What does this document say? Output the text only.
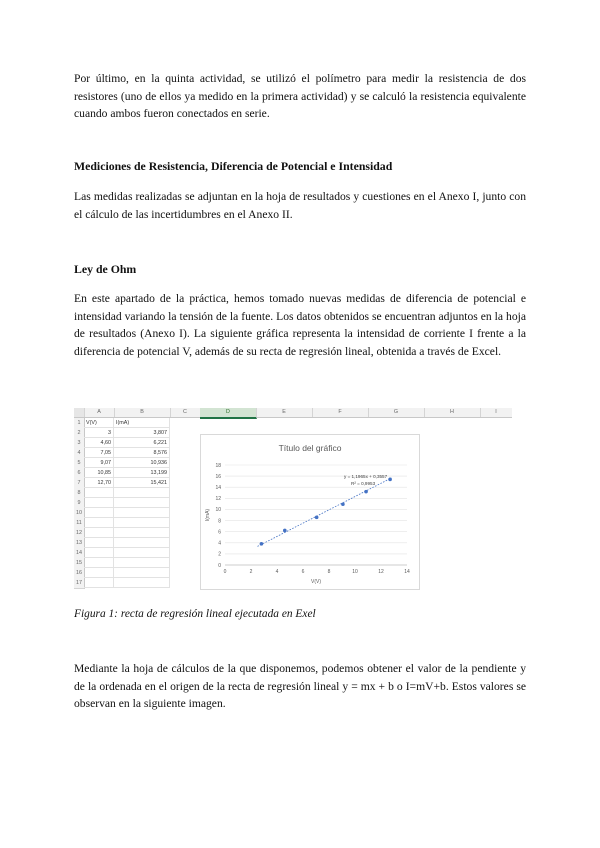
Por último, en la quinta actividad, se utilizó el polímetro para medir la resistencia de dos resistores (uno de ellos ya medido en la primera actividad) y se calculó la resistencia equivalente cuando ambos fueron conectados en serie.

Mediciones de Resistencia, Diferencia de Potencial e Intensidad

Las medidas realizadas se adjuntan en la hoja de resultados y cuestiones en el Anexo I, junto con el cálculo de las incertidumbres en el Anexo II.

Ley de Ohm

En este apartado de la práctica, hemos tomado nuevas medidas de diferencia de potencial e intensidad variando la tensión de la fuente. Los datos obtenidos se encuentran adjuntos en la hoja de resultados (Anexo I). La siguiente gráfica representa la intensidad de corriente I frente a la diferencia de potencial V, además de su recta de regresión lineal, obtenida a través de Excel.

A	B	C	D	E	F	G	H	I
Título del gráfico
0
2
4
6
8
10
12
14
16
18
0	2	4	6	8	10	12	14
V(V)
I(mA)
y = 1,1965x + 0,3557
R² = 0,9953
1	V(V)	I(mA)
2	3	3,807
3	4,60	6,221
4	7,05	8,576
5	9,07	10,936
6	10,85	13,199
7	12,70	15,421
8
9
10
11
12
13
14
15
16
17

Figura 1: recta de regresión lineal ejecutada en Exel

Mediante la hoja de cálculos de la que disponemos, podemos obtener el valor de la pendiente y de la ordenada en el origen de la recta de regresión lineal y = mx + b o I=mV+b. Estos valores se observan en la siguiente imagen.
